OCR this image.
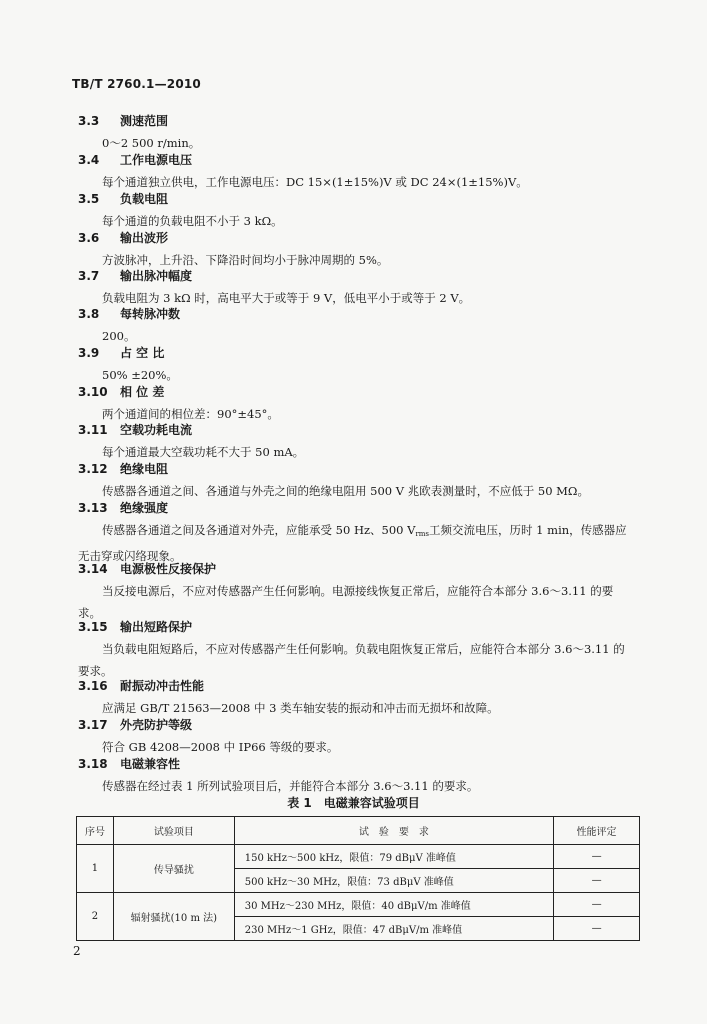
TB/T 2760.1—2010
3.3 测速范围
0～2 500 r/min。
3.4 工作电源电压
每个通道独立供电，工作电源电压：DC 15×(1±15%)V 或 DC 24×(1±15%)V。
3.5 负载电阻
每个通道的负载电阻不小于 3 kΩ。
3.6 输出波形
方波脉冲，上升沿、下降沿时间均小于脉冲周期的 5%。
3.7 输出脉冲幅度
负载电阻为 3 kΩ 时，高电平大于或等于 9 V，低电平小于或等于 2 V。
3.8 每转脉冲数
200。
3.9 占 空 比
50% ±20%。
3.10 相 位 差
两个通道间的相位差：90°±45°。
3.11 空载功耗电流
每个通道最大空载功耗不大于 50 mA。
3.12 绝缘电阻
传感器各通道之间、各通道与外壳之间的绝缘电阻用 500 V 兆欧表测量时，不应低于 50 MΩ。
3.13 绝缘强度
传感器各通道之间及各通道对外壳，应能承受 50 Hz、500 $V_{rms}$工频交流电压，历时 1 min，传感器应无击穿或闪络现象。
3.14 电源极性反接保护
当反接电源后，不应对传感器产生任何影响。电源接线恢复正常后，应能符合本部分 3.6～3.11 的要求。
3.15 输出短路保护
当负载电阻短路后，不应对传感器产生任何影响。负载电阻恢复正常后，应能符合本部分 3.6～3.11 的要求。
3.16 耐振动冲击性能
应满足 GB/T 21563—2008 中 3 类车轴安装的振动和冲击而无损坏和故障。
3.17 外壳防护等级
符合 GB 4208—2008 中 IP66 等级的要求。
3.18 电磁兼容性
传感器在经过表 1 所列试验项目后，并能符合本部分 3.6～3.11 的要求。
表 1　电磁兼容试验项目
序号	试验项目	试　验　要　求	性能评定
1	传导骚扰	150 kHz～500 kHz，限值：79 dBμV 准峰值	—
		500 kHz～30 MHz，限值：73 dBμV 准峰值	—
2	辐射骚扰(10 m 法)	30 MHz～230 MHz，限值：40 dBμV/m 准峰值	—
		230 MHz～1 GHz，限值：47 dBμV/m 准峰值	—
2
